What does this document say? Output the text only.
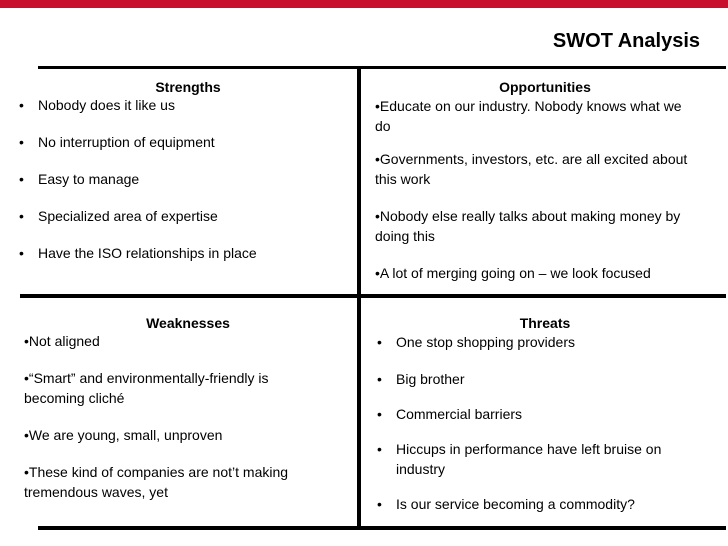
SWOT Analysis
Strengths
• Nobody does it like us
• No interruption of equipment
• Easy to manage
• Specialized area of expertise
• Have the ISO relationships in place
Opportunities
• Educate on our industry. Nobody knows what we do
• Governments, investors, etc. are all excited about this work
• Nobody else really talks about making money by doing this
• A lot of merging going on – we look focused
Weaknesses
• Not aligned
• “Smart” and environmentally-friendly is becoming cliché
• We are young, small, unproven
• These kind of companies are not’t making tremendous waves, yet
Threats
• One stop shopping providers
• Big brother
• Commercial barriers
• Hiccups in performance have left bruise on industry
• Is our service becoming a commodity?
